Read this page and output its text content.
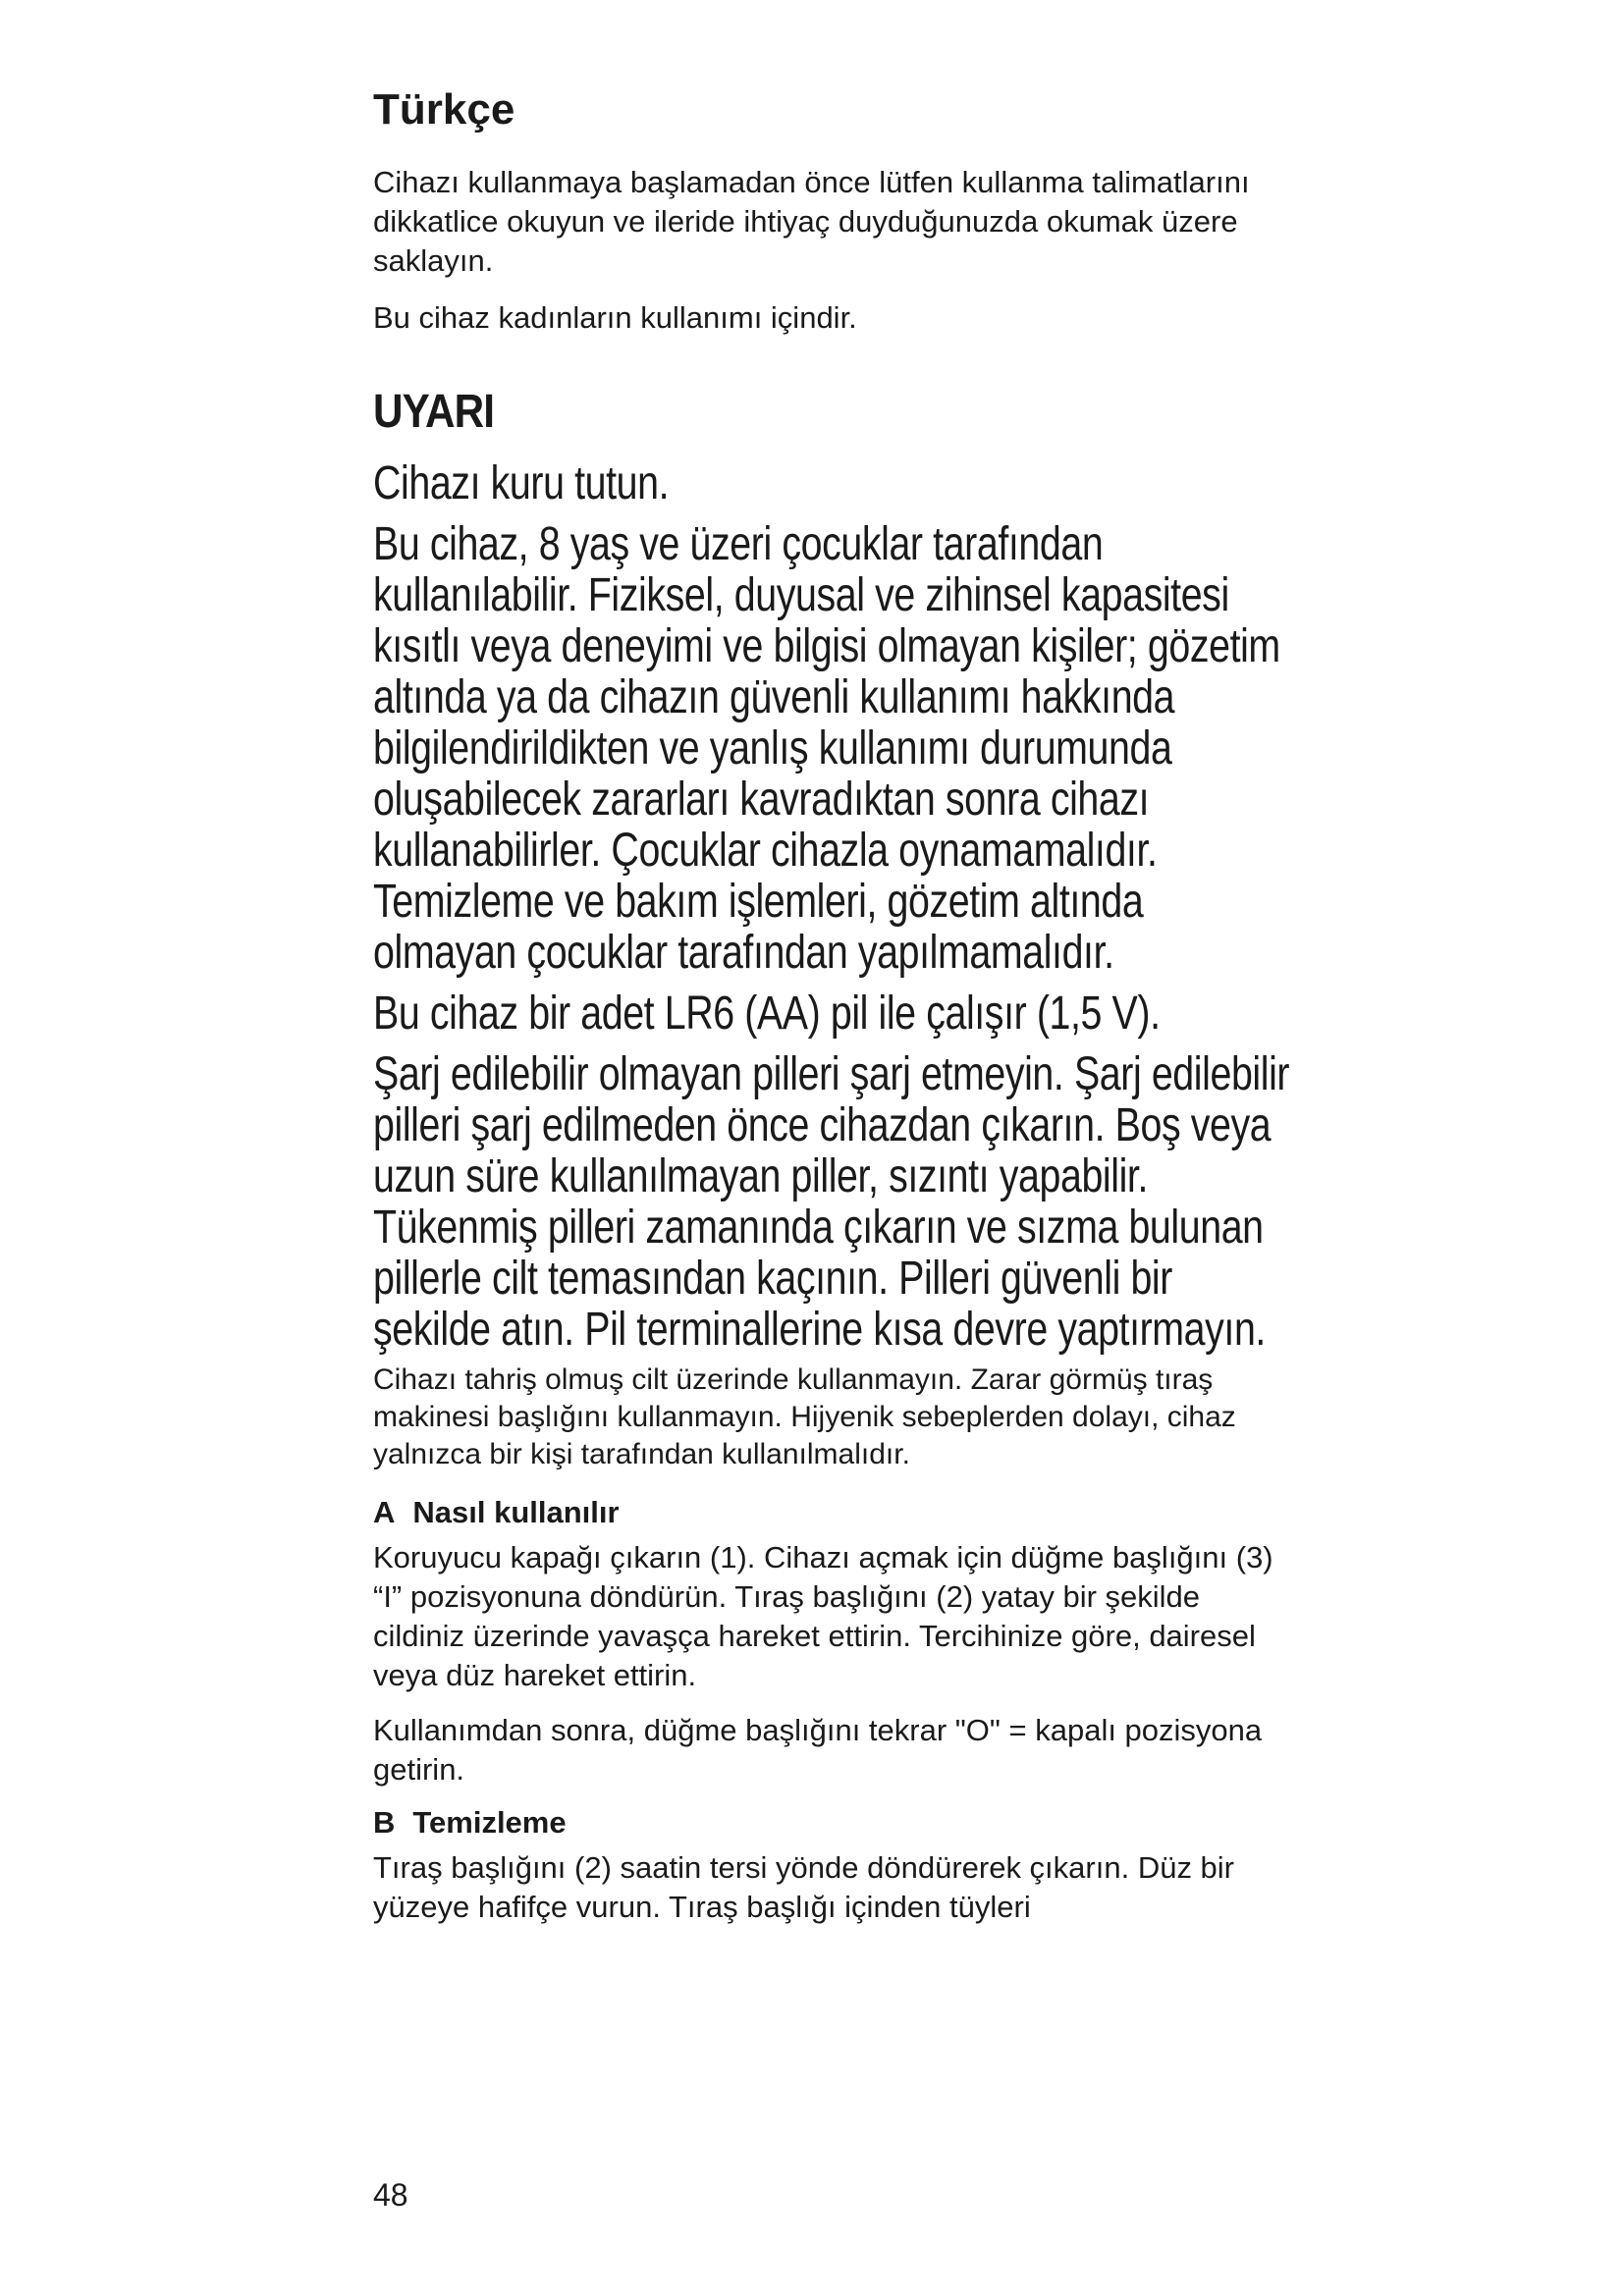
Türkçe

Cihazı kullanmaya başlamadan önce lütfen kullanma talimatlarını dikkatlice okuyun ve ileride ihtiyaç duyduğunuzda okumak üzere saklayın.

Bu cihaz kadınların kullanımı içindir.

UYARI

Cihazı kuru tutun.

Bu cihaz, 8 yaş ve üzeri çocuklar tarafından kullanılabilir. Fiziksel, duyusal ve zihinsel kapasitesi kısıtlı veya deneyimi ve bilgisi olmayan kişiler; gözetim altında ya da cihazın güvenli kullanımı hakkında bilgilendirildikten ve yanlış kullanımı durumunda oluşabilecek zararları kavradıktan sonra cihazı kullanabilirler. Çocuklar cihazla oynamamalıdır. Temizleme ve bakım işlemleri, gözetim altında olmayan çocuklar tarafından yapılmamalıdır.

Bu cihaz bir adet LR6 (AA) pil ile çalışır (1,5 V).

Şarj edilebilir olmayan pilleri şarj etmeyin. Şarj edilebilir pilleri şarj edilmeden önce cihazdan çıkarın. Boş veya uzun süre kullanılmayan piller, sızıntı yapabilir. Tükenmiş pilleri zamanında çıkarın ve sızma bulunan pillerle cilt temasından kaçının. Pilleri güvenli bir şekilde atın. Pil terminallerine kısa devre yaptırmayın.

Cihazı tahriş olmuş cilt üzerinde kullanmayın. Zarar görmüş tıraş makinesi başlığını kullanmayın. Hijyenik sebeplerden dolayı, cihaz yalnızca bir kişi tarafından kullanılmalıdır.

A Nasıl kullanılır

Koruyucu kapağı çıkarın (1). Cihazı açmak için düğme başlığını (3) “I” pozisyonuna döndürün. Tıraş başlığını (2) yatay bir şekilde cildiniz üzerinde yavaşça hareket ettirin. Tercihinize göre, dairesel veya düz hareket ettirin.

Kullanımdan sonra, düğme başlığını tekrar "O" = kapalı pozisyona getirin.

B Temizleme

Tıraş başlığını (2) saatin tersi yönde döndürerek çıkarın. Düz bir yüzeye hafifçe vurun. Tıraş başlığı içinden tüyleri

48
